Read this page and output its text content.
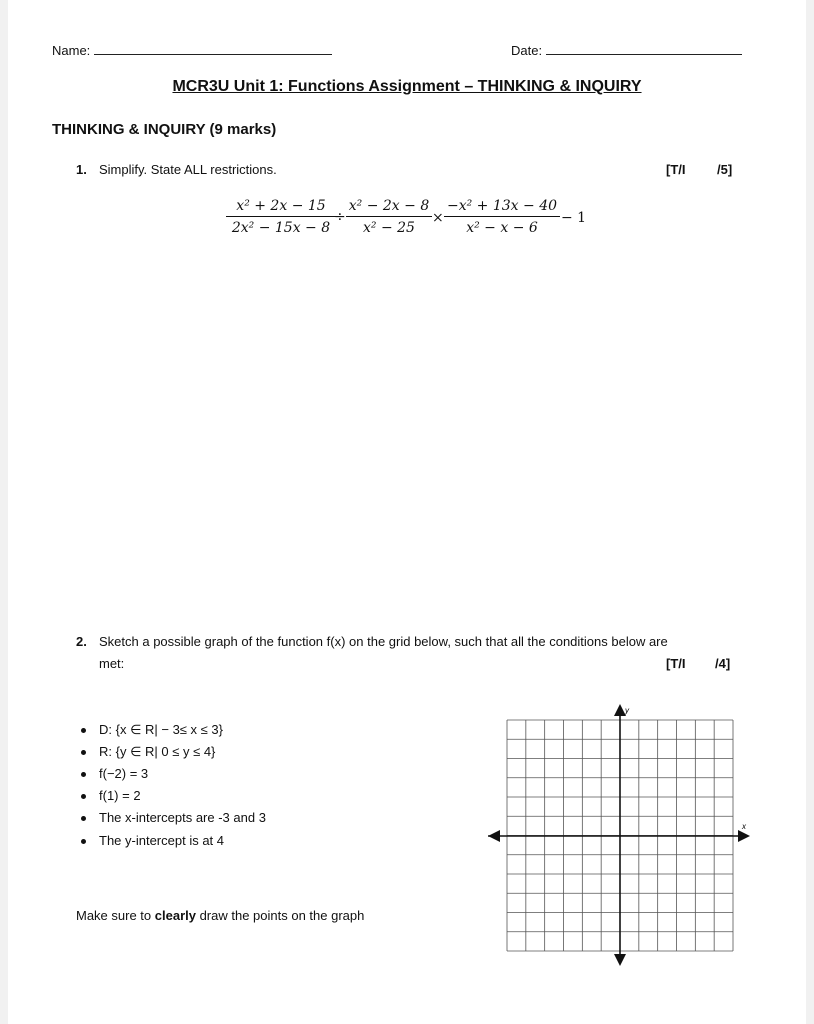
Name:	Date:
MCR3U Unit 1: Functions Assignment – THINKING & INQUIRY
THINKING & INQUIRY (9 marks)
1. Simplify. State ALL restrictions.	[T/I /5]
$\frac{\text{x² + 2x − 15}}{\text{2x² − 15x − 8}}$
÷ $\frac{\text{x² − 2x − 8}}{\text{x² − 25}} \times \frac{\text{−x² + 13x − 40}}{\text{x² − x − 6}} - 1$
2. Sketch a possible graph of the function f(x) on the grid below, such that all the conditions below are
met:	[T/I /4]
D: {x ∈ R| − 3≤ x ≤ 3}
R: {y ∈ R| 0 ≤ y ≤ 4}
f(−2) = 3
f(1) = 2
The x-intercepts are -3 and 3
The y-intercept is at 4
Make sure to clearly draw the points on the graph
x
y
